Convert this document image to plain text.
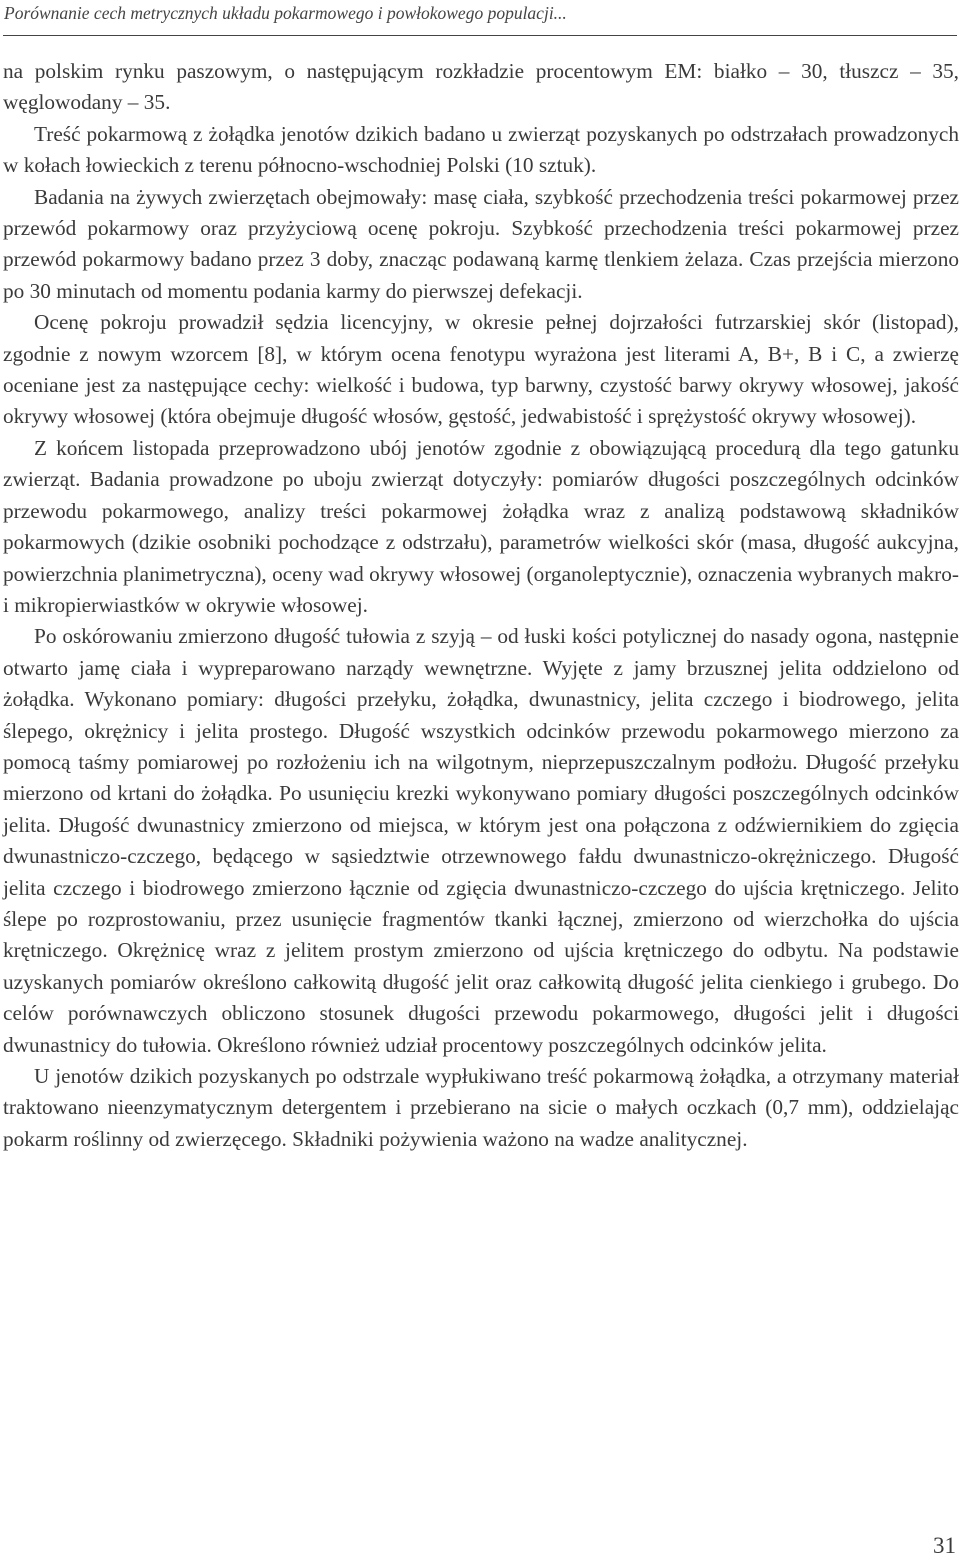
Porównanie cech metrycznych układu pokarmowego i powłokowego populacji...

na polskim rynku paszowym, o następującym rozkładzie procentowym EM: białko – 30, tłuszcz – 35, węglowodany – 35.

Treść pokarmową z żołądka jenotów dzikich badano u zwierząt pozyskanych po odstrzałach prowadzonych w kołach łowieckich z terenu północno-wschodniej Polski (10 sztuk).

Badania na żywych zwierzętach obejmowały: masę ciała, szybkość przechodzenia treści pokarmowej przez przewód pokarmowy oraz przyżyciową ocenę pokroju. Szybkość przechodzenia treści pokarmowej przez przewód pokarmowy badano przez 3 doby, znacząc podawaną karmę tlenkiem żelaza. Czas przejścia mierzono po 30 minutach od momentu podania karmy do pierwszej defekacji.

Ocenę pokroju prowadził sędzia licencyjny, w okresie pełnej dojrzałości futrzarskiej skór (listopad), zgodnie z nowym wzorcem [8], w którym ocena fenotypu wyrażona jest literami A, B+, B i C, a zwierzę oceniane jest za następujące cechy: wielkość i budowa, typ barwny, czystość barwy okrywy włosowej, jakość okrywy włosowej (która obejmuje długość włosów, gęstość, jedwabistość i sprężystość okrywy włosowej).

Z końcem listopada przeprowadzono ubój jenotów zgodnie z obowiązującą procedurą dla tego gatunku zwierząt. Badania prowadzone po uboju zwierząt dotyczyły: pomiarów długości poszczególnych odcinków przewodu pokarmowego, analizy treści pokarmowej żołądka wraz z analizą podstawową składników pokarmowych (dzikie osobniki pochodzące z odstrzału), parametrów wielkości skór (masa, długość aukcyjna, powierzchnia planimetryczna), oceny wad okrywy włosowej (organoleptycznie), oznaczenia wybranych makro- i mikropierwiastków w okrywie włosowej.

Po oskórowaniu zmierzono długość tułowia z szyją – od łuski kości potylicznej do nasady ogona, następnie otwarto jamę ciała i wypreparowano narządy wewnętrzne. Wyjęte z jamy brzusznej jelita oddzielono od żołądka. Wykonano pomiary: długości przełyku, żołądka, dwunastnicy, jelita czczego i biodrowego, jelita ślepego, okrężnicy i jelita prostego. Długość wszystkich odcinków przewodu pokarmowego mierzono za pomocą taśmy pomiarowej po rozłożeniu ich na wilgotnym, nieprzepuszczalnym podłożu. Długość przełyku mierzono od krtani do żołądka. Po usunięciu krezki wykonywano pomiary długości poszczególnych odcinków jelita. Długość dwunastnicy zmierzono od miejsca, w którym jest ona połączona z odźwiernikiem do zgięcia dwunastniczo-czczego, będącego w sąsiedztwie otrzewnowego fałdu dwunastniczo-okrężniczego. Długość jelita czczego i biodrowego zmierzono łącznie od zgięcia dwunastniczo-czczego do ujścia krętniczego. Jelito ślepe po rozprostowaniu, przez usunięcie fragmentów tkanki łącznej, zmierzono od wierzchołka do ujścia krętniczego. Okrężnicę wraz z jelitem prostym zmierzono od ujścia krętniczego do odbytu. Na podstawie uzyskanych pomiarów określono całkowitą długość jelit oraz całkowitą długość jelita cienkiego i grubego. Do celów porównawczych obliczono stosunek długości przewodu pokarmowego, długości jelit i długości dwunastnicy do tułowia. Określono również udział procentowy poszczególnych odcinków jelita.

U jenotów dzikich pozyskanych po odstrzale wypłukiwano treść pokarmową żołądka, a otrzymany materiał traktowano nieenzymatycznym detergentem i przebierano na sicie o małych oczkach (0,7 mm), oddzielając pokarm roślinny od zwierzęcego. Składniki pożywienia ważono na wadze analitycznej.

31
